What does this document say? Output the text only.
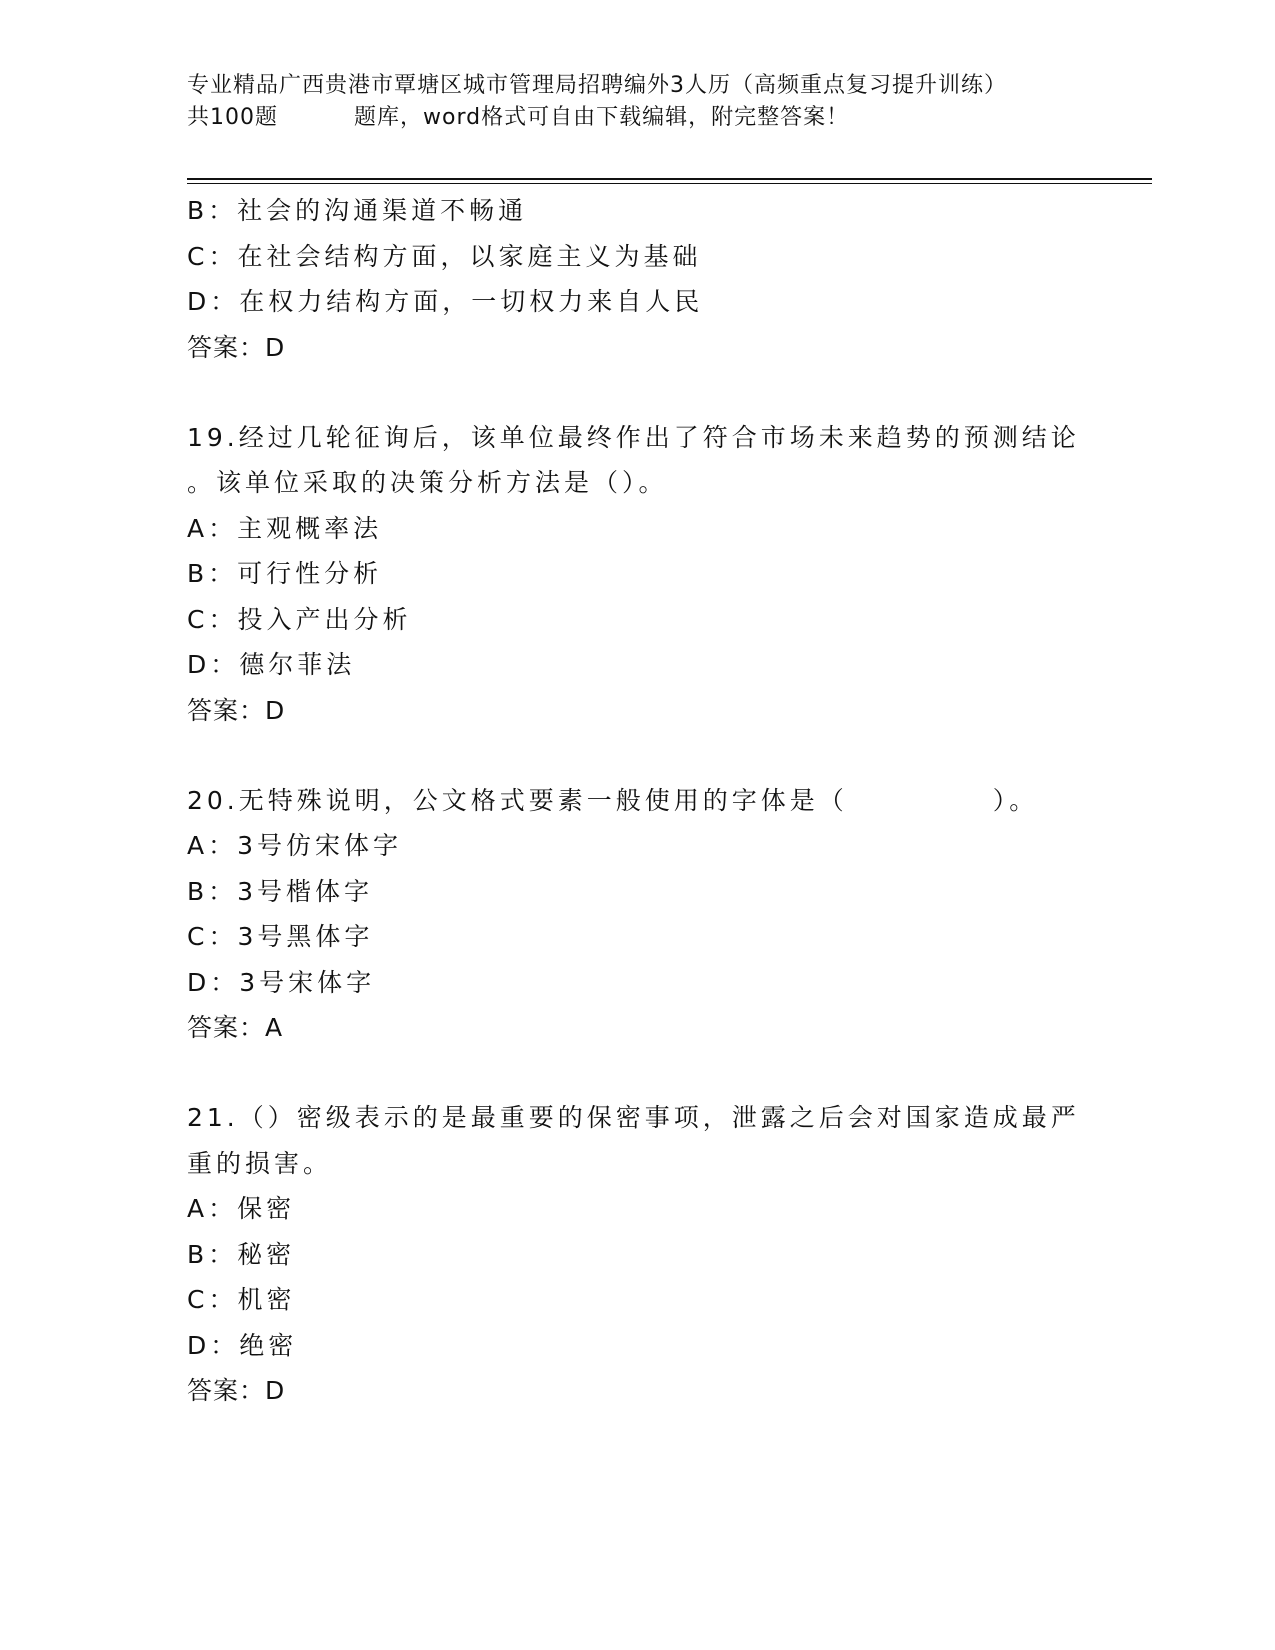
专业精品广西贵港市覃塘区城市管理局招聘编外3人历（高频重点复习提升训练）
共100题	题库，word格式可自由下载编辑，附完整答案！
B：社会的沟通渠道不畅通
C：在社会结构方面，以家庭主义为基础
D：在权力结构方面，一切权力来自人民
答案：D
19.经过几轮征询后，该单位最终作出了符合市场未来趋势的预测结论
。该单位采取的决策分析方法是（）。
A：主观概率法
B：可行性分析
C：投入产出分析
D：德尔菲法
答案：D
20.无特殊说明，公文格式要素一般使用的字体是（　　　　　）。
A：3号仿宋体字
B：3号楷体字
C：3号黑体字
D：3号宋体字
答案：A
21.（）密级表示的是最重要的保密事项，泄露之后会对国家造成最严
重的损害。
A：保密
B：秘密
C：机密
D：绝密
答案：D
